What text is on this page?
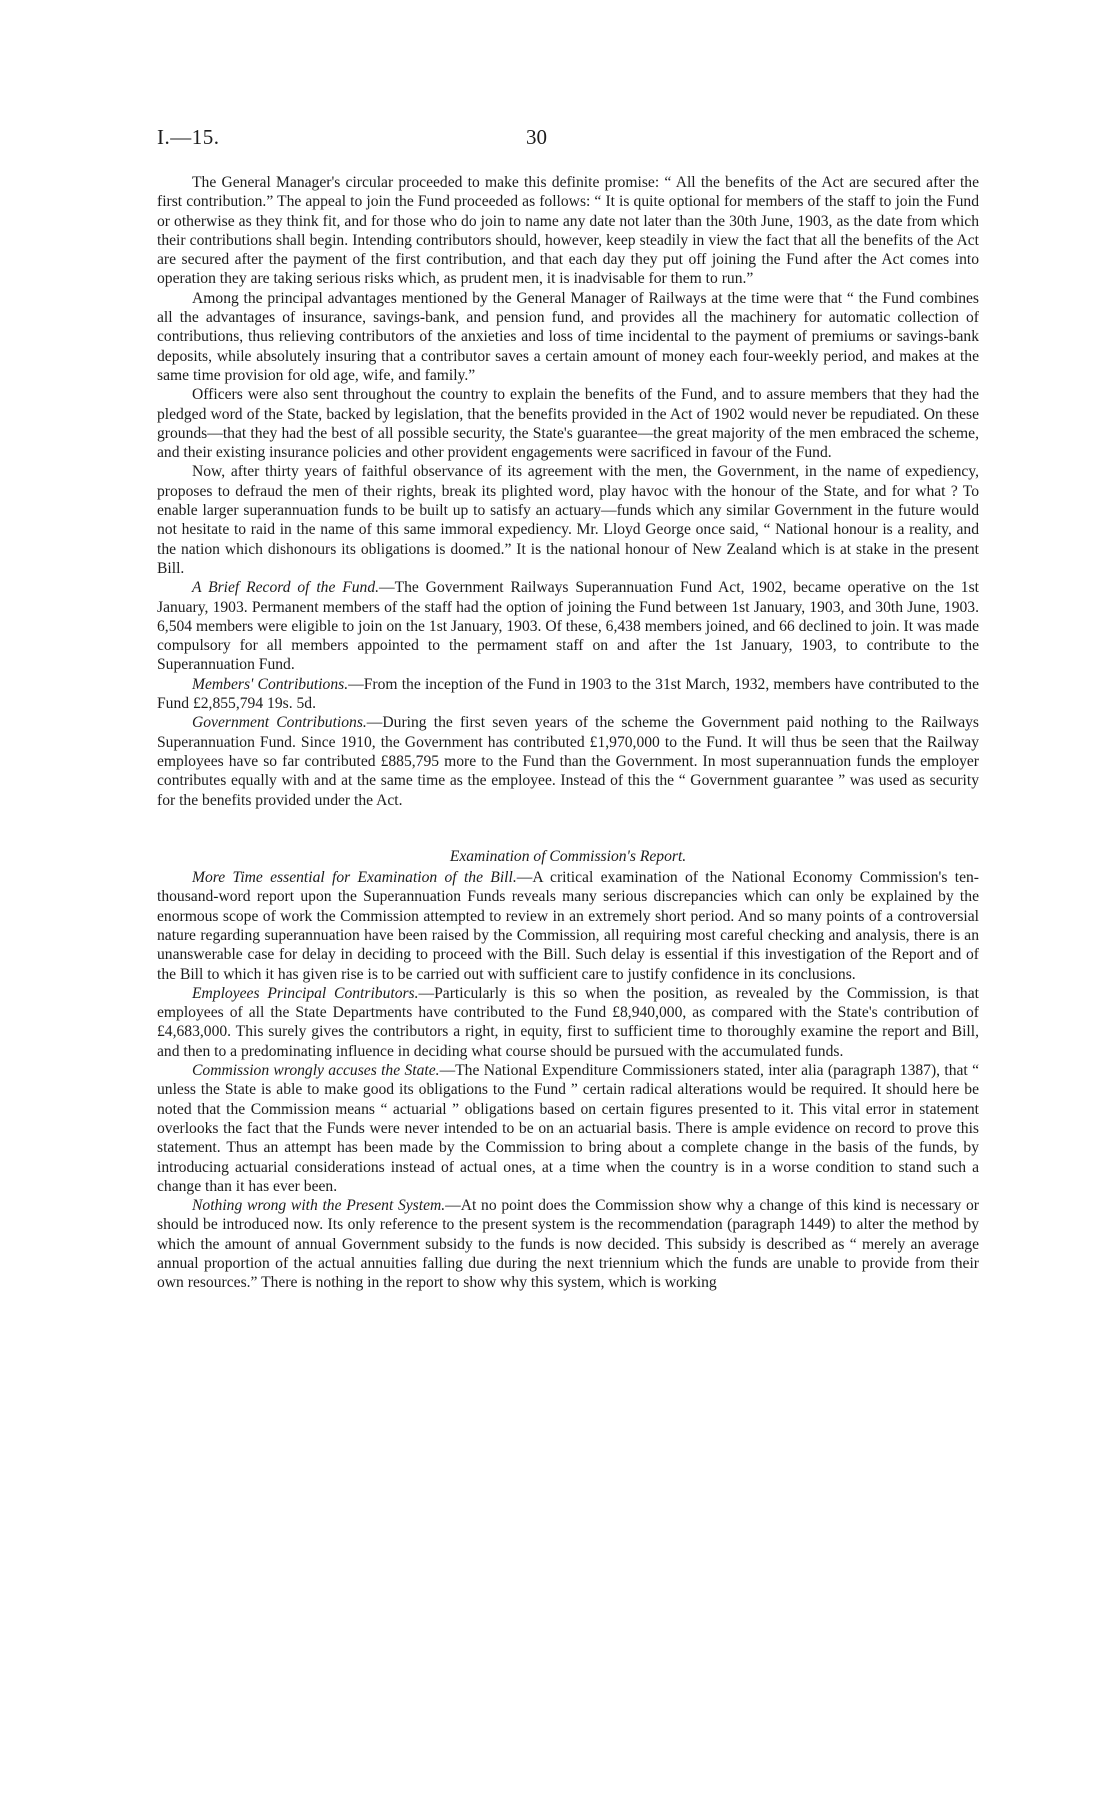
I.—15.	30

The General Manager's circular proceeded to make this definite promise: “ All the benefits of the Act are secured after the first contribution.” The appeal to join the Fund proceeded as follows: “ It is quite optional for members of the staff to join the Fund or otherwise as they think fit, and for those who do join to name any date not later than the 30th June, 1903, as the date from which their contributions shall begin. Intending contributors should, however, keep steadily in view the fact that all the benefits of the Act are secured after the payment of the first contribution, and that each day they put off joining the Fund after the Act comes into operation they are taking serious risks which, as prudent men, it is inadvisable for them to run.”

Among the principal advantages mentioned by the General Manager of Railways at the time were that “ the Fund combines all the advantages of insurance, savings-bank, and pension fund, and provides all the machinery for automatic collection of contributions, thus relieving contributors of the anxieties and loss of time incidental to the payment of premiums or savings-bank deposits, while absolutely insuring that a contributor saves a certain amount of money each four-weekly period, and makes at the same time provision for old age, wife, and family.”

Officers were also sent throughout the country to explain the benefits of the Fund, and to assure members that they had the pledged word of the State, backed by legislation, that the benefits provided in the Act of 1902 would never be repudiated. On these grounds—that they had the best of all possible security, the State's guarantee—the great majority of the men embraced the scheme, and their existing insurance policies and other provident engagements were sacrificed in favour of the Fund.

Now, after thirty years of faithful observance of its agreement with the men, the Government, in the name of expediency, proposes to defraud the men of their rights, break its plighted word, play havoc with the honour of the State, and for what ? To enable larger superannuation funds to be built up to satisfy an actuary—funds which any similar Government in the future would not hesitate to raid in the name of this same immoral expediency. Mr. Lloyd George once said, “ National honour is a reality, and the nation which dishonours its obligations is doomed.” It is the national honour of New Zealand which is at stake in the present Bill.

A Brief Record of the Fund.—The Government Railways Superannuation Fund Act, 1902, became operative on the 1st January, 1903. Permanent members of the staff had the option of joining the Fund between 1st January, 1903, and 30th June, 1903. 6,504 members were eligible to join on the 1st January, 1903. Of these, 6,438 members joined, and 66 declined to join. It was made compulsory for all members appointed to the permament staff on and after the 1st January, 1903, to contribute to the Superannuation Fund.

Members' Contributions.—From the inception of the Fund in 1903 to the 31st March, 1932, members have contributed to the Fund £2,855,794 19s. 5d.

Government Contributions.—During the first seven years of the scheme the Government paid nothing to the Railways Superannuation Fund. Since 1910, the Government has contributed £1,970,000 to the Fund. It will thus be seen that the Railway employees have so far contributed £885,795 more to the Fund than the Government. In most superannuation funds the employer contributes equally with and at the same time as the employee. Instead of this the “ Government guarantee ” was used as security for the benefits provided under the Act.

Examination of Commission's Report.

More Time essential for Examination of the Bill.—A critical examination of the National Economy Commission's ten-thousand-word report upon the Superannuation Funds reveals many serious discrepancies which can only be explained by the enormous scope of work the Commission attempted to review in an extremely short period. And so many points of a controversial nature regarding superannuation have been raised by the Commission, all requiring most careful checking and analysis, there is an unanswerable case for delay in deciding to proceed with the Bill. Such delay is essential if this investigation of the Report and of the Bill to which it has given rise is to be carried out with sufficient care to justify confidence in its conclusions.

Employees Principal Contributors.—Particularly is this so when the position, as revealed by the Commission, is that employees of all the State Departments have contributed to the Fund £8,940,000, as compared with the State's contribution of £4,683,000. This surely gives the contributors a right, in equity, first to sufficient time to thoroughly examine the report and Bill, and then to a predominating influence in deciding what course should be pursued with the accumulated funds.

Commission wrongly accuses the State.—The National Expenditure Commissioners stated, inter alia (paragraph 1387), that “ unless the State is able to make good its obligations to the Fund ” certain radical alterations would be required. It should here be noted that the Commission means “ actuarial ” obligations based on certain figures presented to it. This vital error in statement overlooks the fact that the Funds were never intended to be on an actuarial basis. There is ample evidence on record to prove this statement. Thus an attempt has been made by the Commission to bring about a complete change in the basis of the funds, by introducing actuarial considerations instead of actual ones, at a time when the country is in a worse condition to stand such a change than it has ever been.

Nothing wrong with the Present System.—At no point does the Commission show why a change of this kind is necessary or should be introduced now. Its only reference to the present system is the recommendation (paragraph 1449) to alter the method by which the amount of annual Government subsidy to the funds is now decided. This subsidy is described as “ merely an average annual proportion of the actual annuities falling due during the next triennium which the funds are unable to provide from their own resources.” There is nothing in the report to show why this system, which is working
